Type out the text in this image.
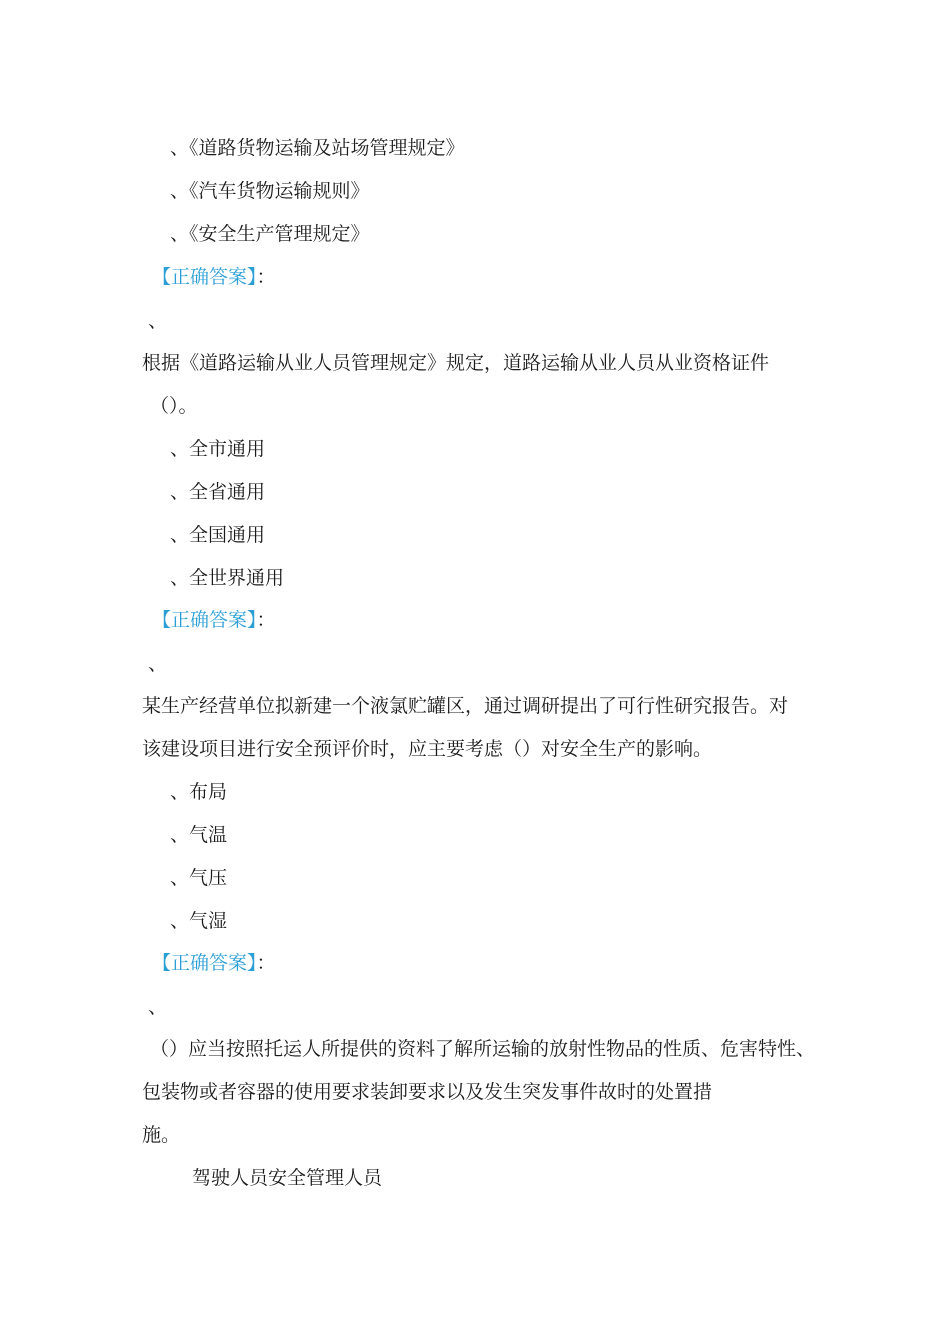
、《道路货物运输及站场管理规定》
、《汽车货物运输规则》
、《安全生产管理规定》
【正确答案】：
、
根据《道路运输从业人员管理规定》规定，道路运输从业人员从业资格证件
（）。
、全市通用
、全省通用
、全国通用
、全世界通用
【正确答案】：
、
某生产经营单位拟新建一个液氯贮罐区，通过调研提出了可行性研究报告。对
该建设项目进行安全预评价时，应主要考虑（）对安全生产的影响。
、布局
、气温
、气压
、气湿
【正确答案】：
、
（）应当按照托运人所提供的资料了解所运输的放射性物品的性质、危害特性、
包装物或者容器的使用要求装卸要求以及发生突发事件故时的处置措
施。
驾驶人员安全管理人员
